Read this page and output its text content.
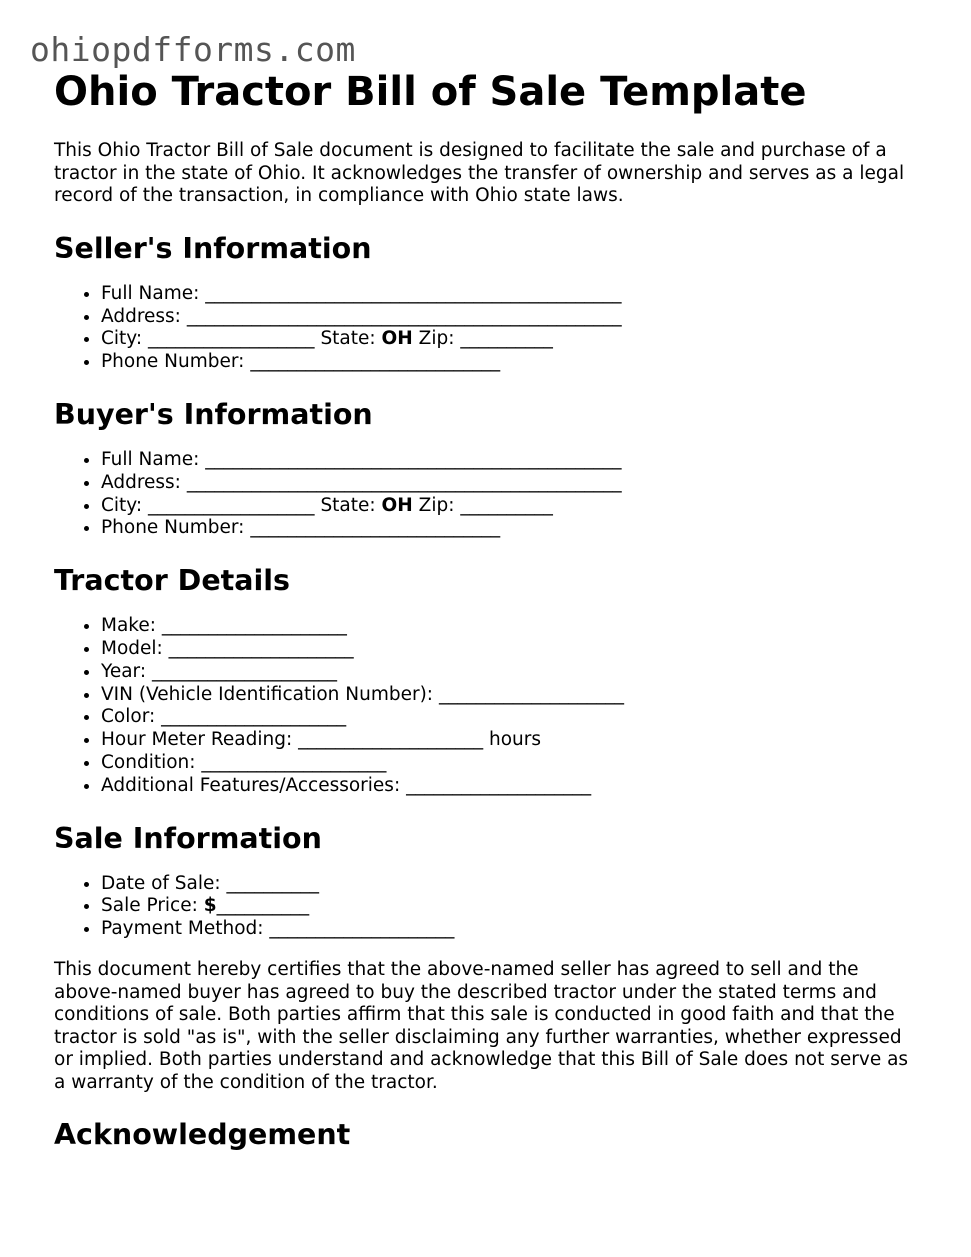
ohiopdfforms.com
Ohio Tractor Bill of Sale Template

This Ohio Tractor Bill of Sale document is designed to facilitate the sale and purchase of a tractor in the state of Ohio. It acknowledges the transfer of ownership and serves as a legal record of the transaction, in compliance with Ohio state laws.

Seller's Information
• Full Name: _____________________________________________
• Address: _______________________________________________
• City: __________________ State: OH Zip: __________
• Phone Number: ___________________________
Buyer's Information
• Full Name: _____________________________________________
• Address: _______________________________________________
• City: __________________ State: OH Zip: __________
• Phone Number: ___________________________
Tractor Details
• Make: ____________________
• Model: ____________________
• Year: ____________________
• VIN (Vehicle Identification Number): ____________________
• Color: ____________________
• Hour Meter Reading: ____________________ hours
• Condition: ____________________
• Additional Features/Accessories: ____________________
Sale Information
• Date of Sale: __________
• Sale Price: $__________
• Payment Method: ____________________

This document hereby certifies that the above-named seller has agreed to sell and the above-named buyer has agreed to buy the described tractor under the stated terms and conditions of sale. Both parties affirm that this sale is conducted in good faith and that the tractor is sold "as is", with the seller disclaiming any further warranties, whether expressed or implied. Both parties understand and acknowledge that this Bill of Sale does not serve as a warranty of the condition of the tractor.

Acknowledgement
